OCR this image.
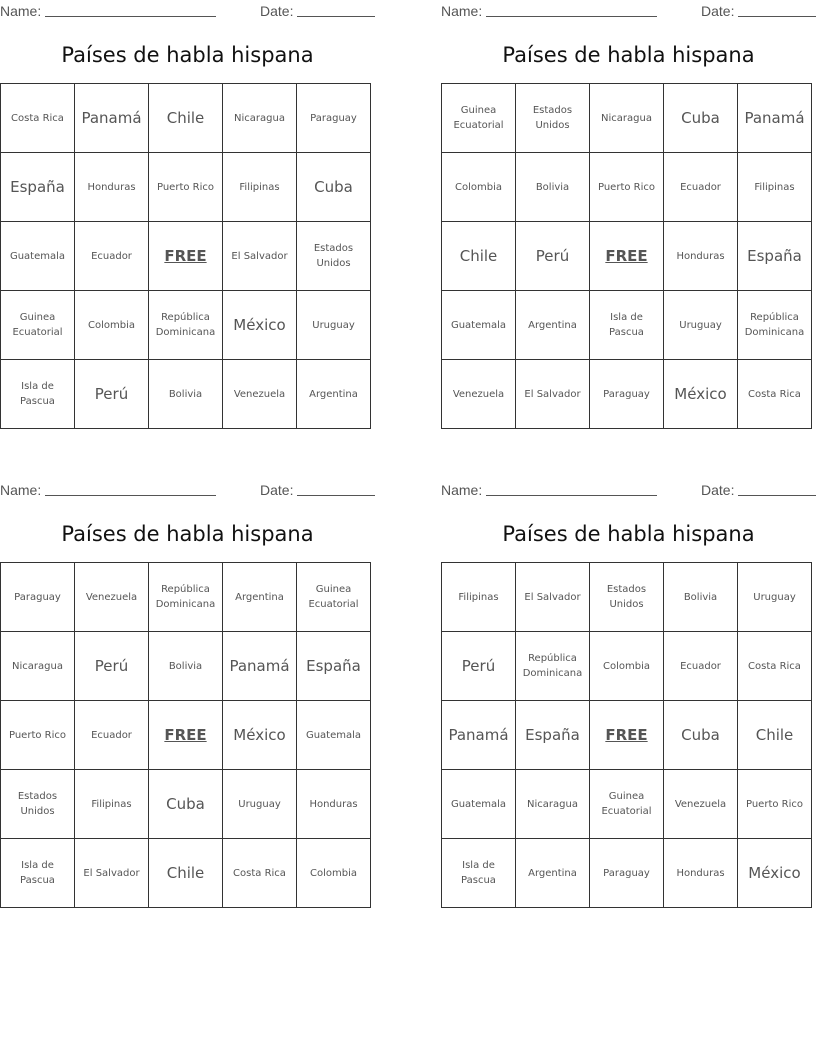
Name:	Date:
Países de habla hispana
Costa Rica	Panamá	Chile	Nicaragua	Paraguay
España	Honduras	Puerto Rico	Filipinas	Cuba
Guatemala	Ecuador	FREE	El Salvador	Estados Unidos
Guinea Ecuatorial	Colombia	República Dominicana	México	Uruguay
Isla de Pascua	Perú	Bolivia	Venezuela	Argentina
Name:	Date:
Países de habla hispana
Guinea Ecuatorial	Estados Unidos	Nicaragua	Cuba	Panamá
Colombia	Bolivia	Puerto Rico	Ecuador	Filipinas
Chile	Perú	FREE	Honduras	España
Guatemala	Argentina	Isla de Pascua	Uruguay	República Dominicana
Venezuela	El Salvador	Paraguay	México	Costa Rica
Name:	Date:
Países de habla hispana
Paraguay	Venezuela	República Dominicana	Argentina	Guinea Ecuatorial
Nicaragua	Perú	Bolivia	Panamá	España
Puerto Rico	Ecuador	FREE	México	Guatemala
Estados Unidos	Filipinas	Cuba	Uruguay	Honduras
Isla de Pascua	El Salvador	Chile	Costa Rica	Colombia
Name:	Date:
Países de habla hispana
Filipinas	El Salvador	Estados Unidos	Bolivia	Uruguay
Perú	República Dominicana	Colombia	Ecuador	Costa Rica
Panamá	España	FREE	Cuba	Chile
Guatemala	Nicaragua	Guinea Ecuatorial	Venezuela	Puerto Rico
Isla de Pascua	Argentina	Paraguay	Honduras	México
